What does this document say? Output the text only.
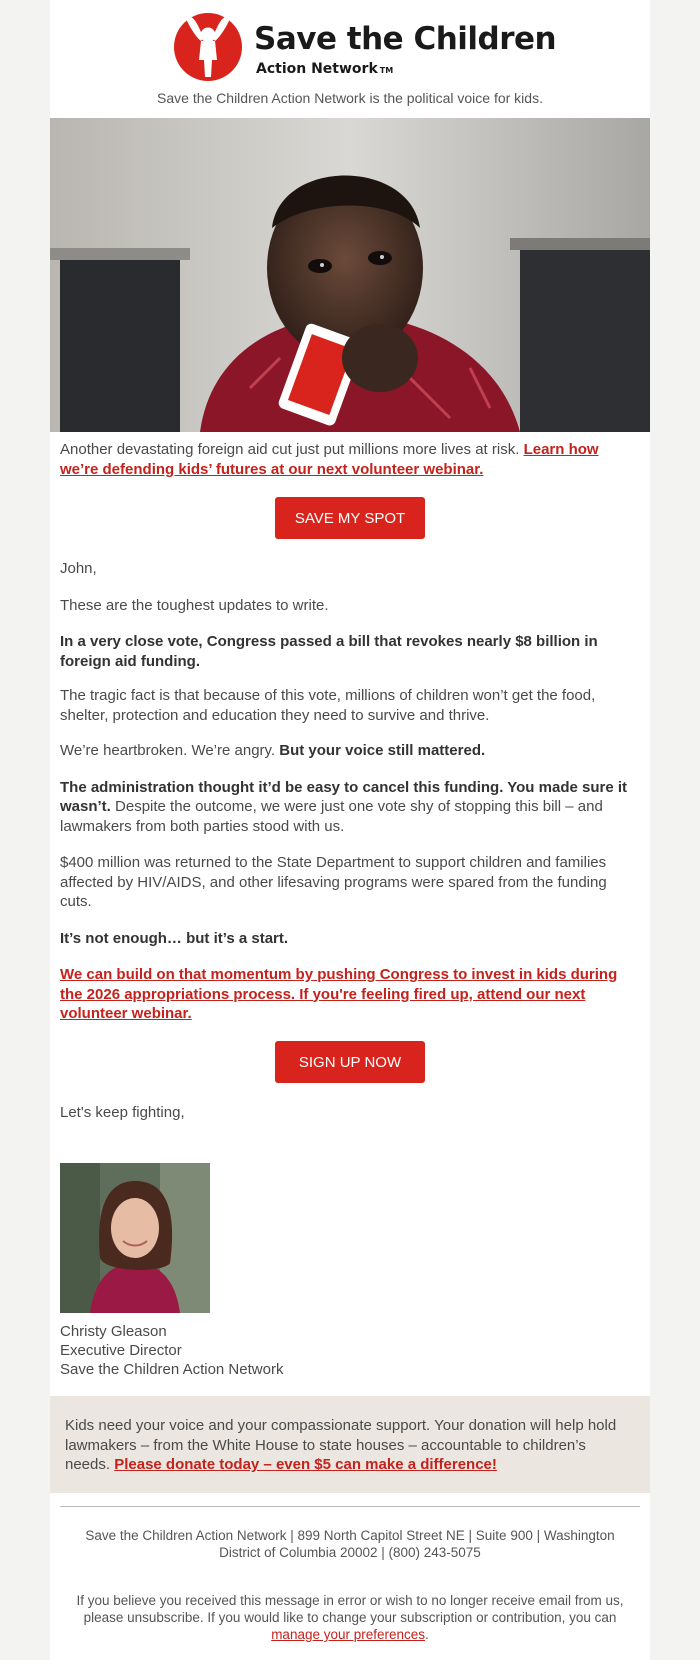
Save the Children
Action Network TM
Save the Children Action Network is the political voice for kids.

Another devastating foreign aid cut just put millions more lives at risk. Learn how we’re defending kids’ futures at our next volunteer webinar.

SAVE MY SPOT

John,

These are the toughest updates to write.

In a very close vote, Congress passed a bill that revokes nearly $8 billion in foreign aid funding.

The tragic fact is that because of this vote, millions of children won’t get the food, shelter, protection and education they need to survive and thrive.

We’re heartbroken. We’re angry. But your voice still mattered.

The administration thought it’d be easy to cancel this funding. You made sure it wasn’t. Despite the outcome, we were just one vote shy of stopping this bill – and lawmakers from both parties stood with us.

$400 million was returned to the State Department to support children and families affected by HIV/AIDS, and other lifesaving programs were spared from the funding cuts.

It’s not enough… but it’s a start.

We can build on that momentum by pushing Congress to invest in kids during the 2026 appropriations process. If you're feeling fired up, attend our next volunteer webinar.

SIGN UP NOW

Let's keep fighting,

Christy Gleason
Executive Director
Save the Children Action Network

Kids need your voice and your compassionate support. Your donation will help hold lawmakers – from the White House to state houses – accountable to children’s needs. Please donate today – even $5 can make a difference!

Save the Children Action Network | 899 North Capitol Street NE | Suite 900 | Washington District of Columbia 20002 | (800) 243-5075
If you believe you received this message in error or wish to no longer receive email from us, please unsubscribe. If you would like to change your subscription or contribution, you can manage your preferences.
